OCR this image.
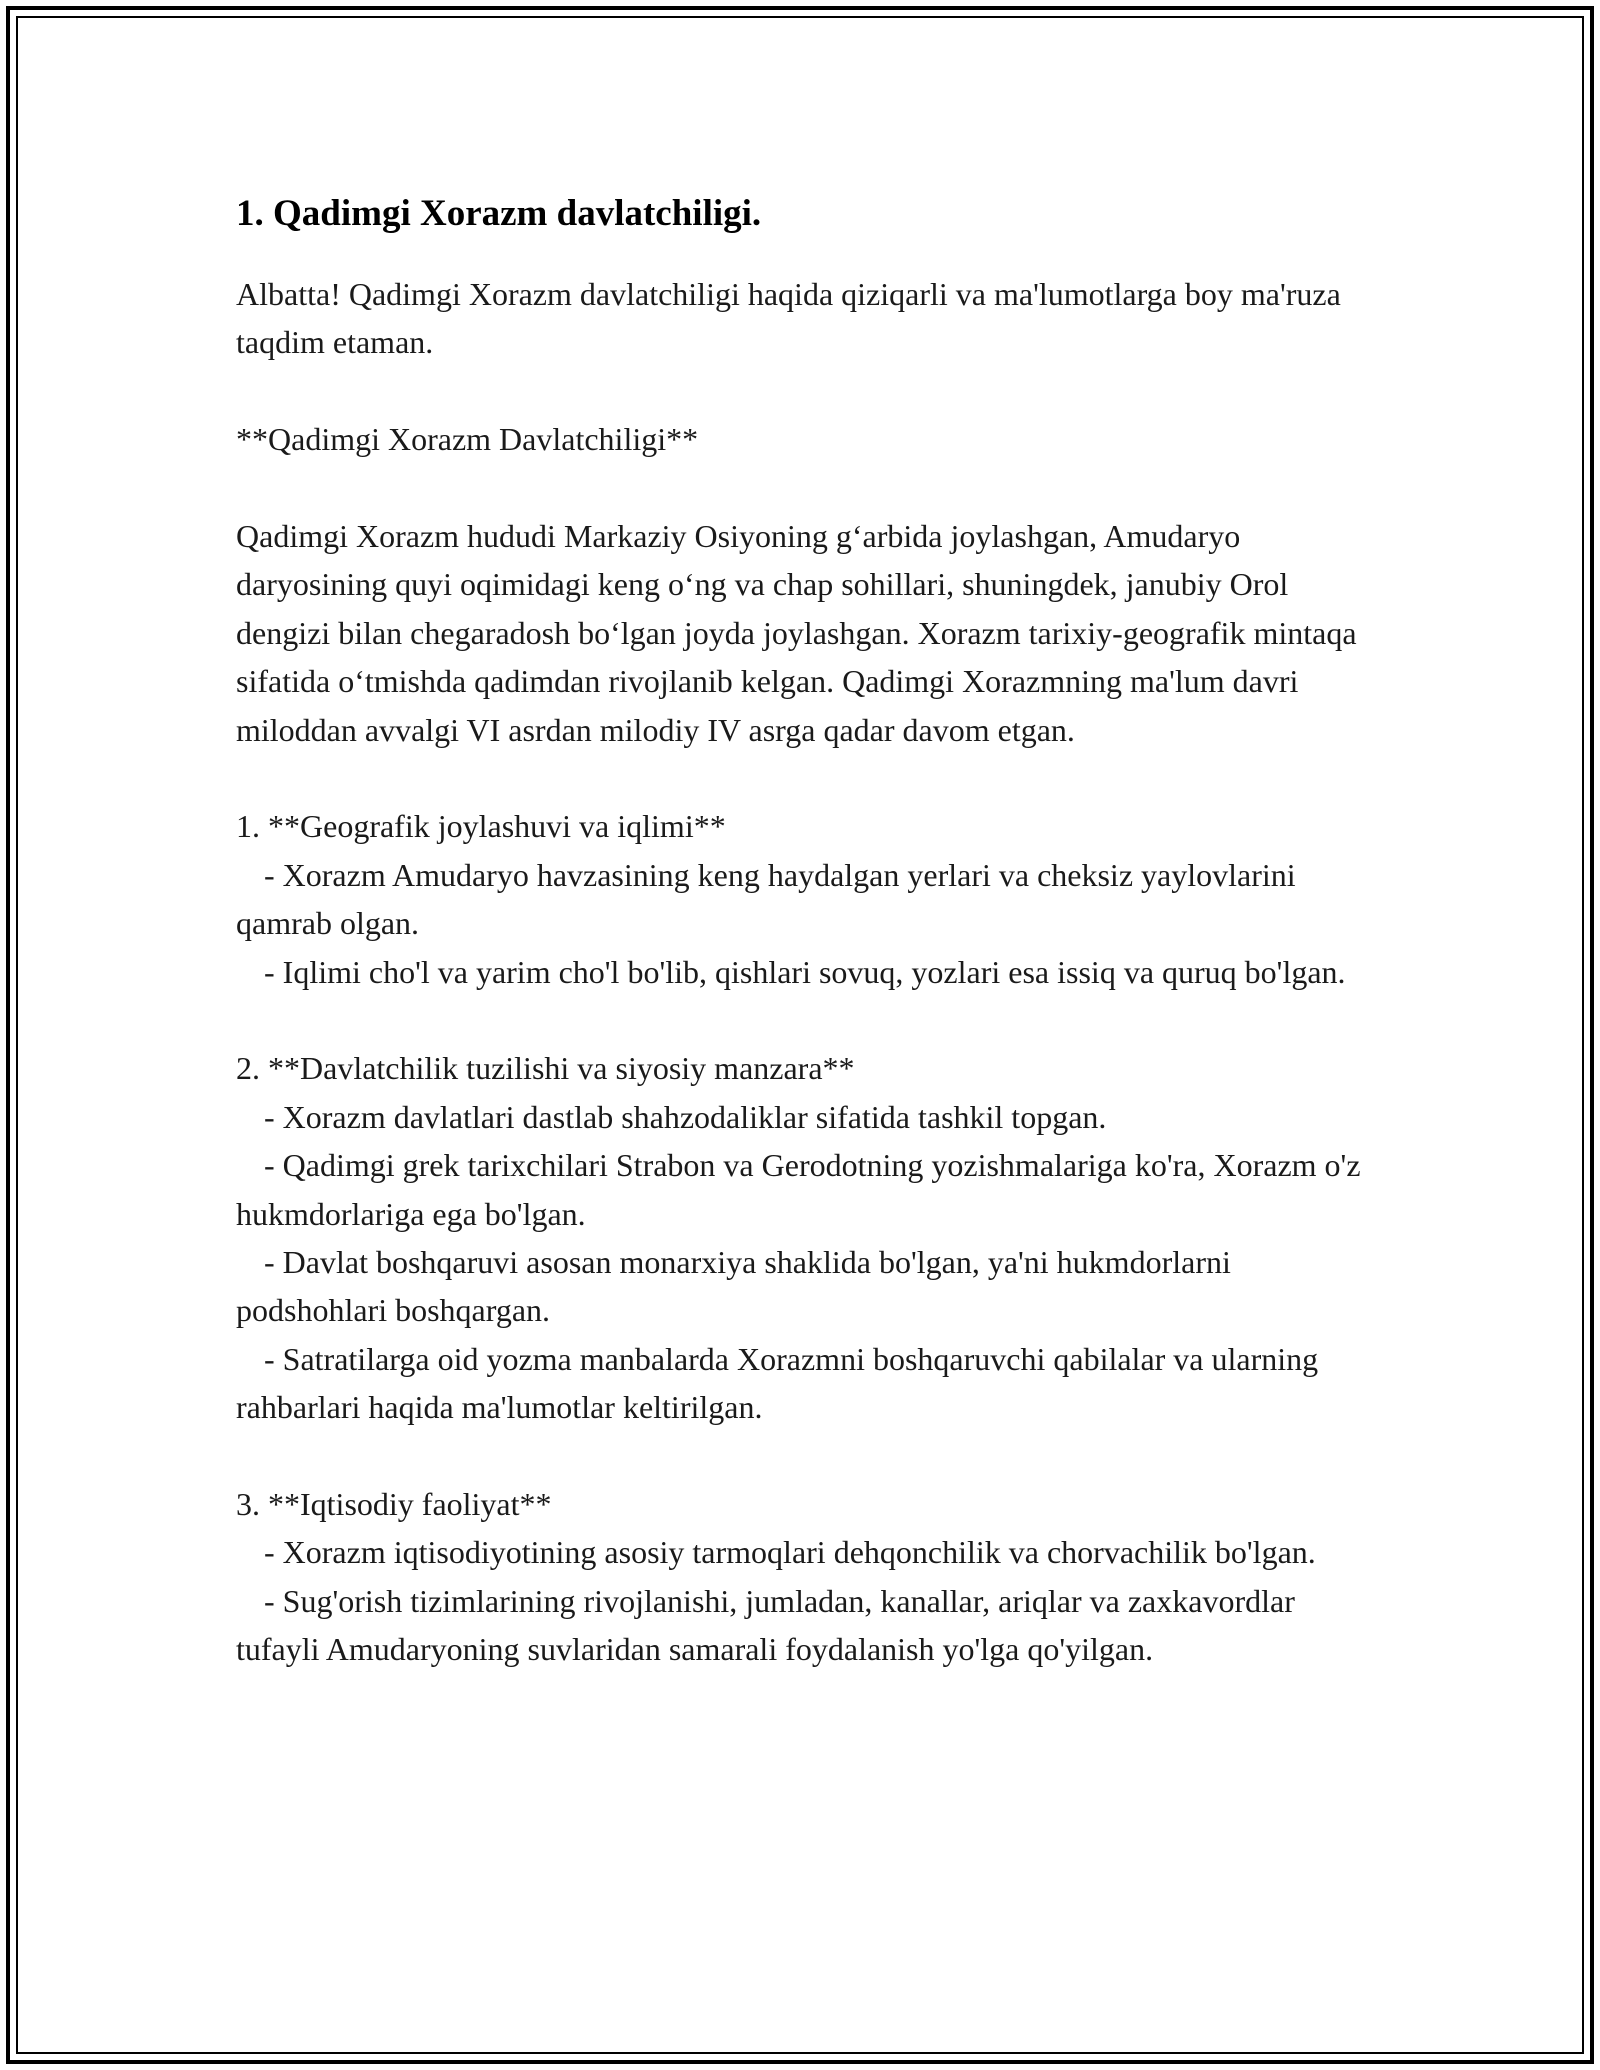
1. Qadimgi Xorazm davlatchiligi.

Albatta! Qadimgi Xorazm davlatchiligi haqida qiziqarli va ma'lumotlarga boy ma'ruza taqdim etaman.

**Qadimgi Xorazm Davlatchiligi**

Qadimgi Xorazm hududi Markaziy Osiyoning g‘arbida joylashgan, Amudaryo daryosining quyi oqimidagi keng o‘ng va chap sohillari, shuningdek, janubiy Orol dengizi bilan chegaradosh bo‘lgan joyda joylashgan. Xorazm tarixiy-geografik mintaqa sifatida o‘tmishda qadimdan rivojlanib kelgan. Qadimgi Xorazmning ma'lum davri miloddan avvalgi VI asrdan milodiy IV asrga qadar davom etgan.

1. **Geografik joylashuvi va iqlimi**

- Xorazm Amudaryo havzasining keng haydalgan yerlari va cheksiz yaylovlarini qamrab olgan.

- Iqlimi cho'l va yarim cho'l bo'lib, qishlari sovuq, yozlari esa issiq va quruq bo'lgan.

2. **Davlatchilik tuzilishi va siyosiy manzara**

- Xorazm davlatlari dastlab shahzodaliklar sifatida tashkil topgan.

- Qadimgi grek tarixchilari Strabon va Gerodotning yozishmalariga ko'ra, Xorazm o'z hukmdorlariga ega bo'lgan.

- Davlat boshqaruvi asosan monarxiya shaklida bo'lgan, ya'ni hukmdorlarni podshohlari boshqargan.

- Satratilarga oid yozma manbalarda Xorazmni boshqaruvchi qabilalar va ularning rahbarlari haqida ma'lumotlar keltirilgan.

3. **Iqtisodiy faoliyat**

- Xorazm iqtisodiyotining asosiy tarmoqlari dehqonchilik va chorvachilik bo'lgan.

- Sug'orish tizimlarining rivojlanishi, jumladan, kanallar, ariqlar va zaxkavordlar tufayli Amudaryoning suvlaridan samarali foydalanish yo'lga qo'yilgan.
